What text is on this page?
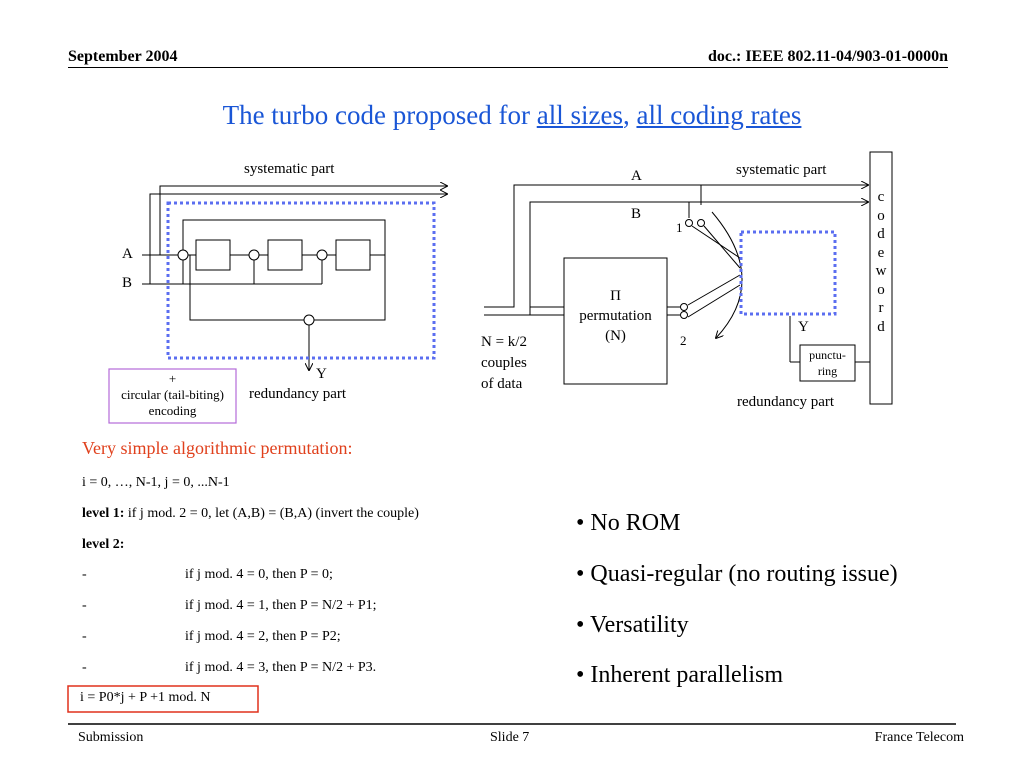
September 2004	doc.: IEEE 802.11-04/903-01-0000n
The turbo code proposed for all sizes, all coding rates
systematic part
A
B
Y
redundancy part
+
circular (tail-biting)
encoding
A
B
systematic part
1
2
Π
permutation
(N)
N = k/2
couples
of data
Y
punctu-
ring
redundancy part
c
o
d
e
w
o
r
d
Very simple algorithmic permutation:
i = 0, …, N-1, j = 0, ...N-1
level 1: if j mod. 2 = 0, let (A,B) = (B,A) (invert the couple)
level 2:
-	if j mod. 4 = 0, then P = 0;
-	if j mod. 4 = 1, then P = N/2 + P1;
-	if j mod. 4 = 2, then P = P2;
-	if j mod. 4 = 3, then P = N/2 + P3.
i = P0*j + P +1 mod. N
• No ROM
• Quasi-regular (no routing issue)
• Versatility
• Inherent parallelism
Submission	Slide 7	France Telecom
